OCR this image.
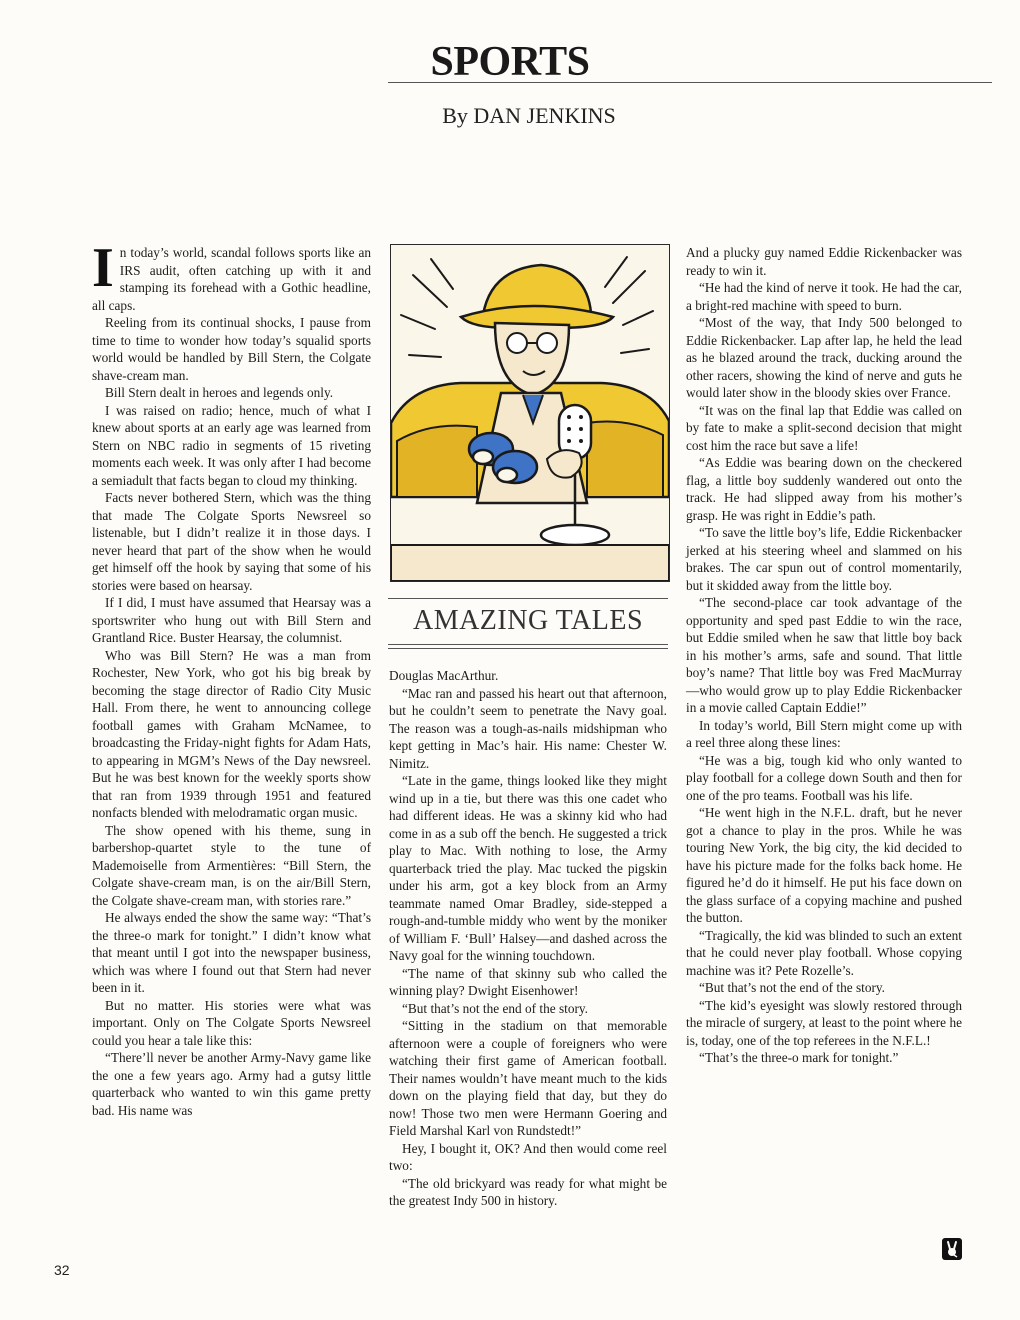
SPORTS
By DAN JENKINS

In today’s world, scandal follows sports like an IRS audit, often catching up with it and stamping its forehead with a Gothic headline, all caps.

Reeling from its continual shocks, I pause from time to time to wonder how today’s squalid sports world would be handled by Bill Stern, the Colgate shave-cream man.

Bill Stern dealt in heroes and legends only.

I was raised on radio; hence, much of what I knew about sports at an early age was learned from Stern on NBC radio in segments of 15 riveting moments each week. It was only after I had become a semiadult that facts began to cloud my thinking.

Facts never bothered Stern, which was the thing that made The Colgate Sports Newsreel so listenable, but I didn’t realize it in those days. I never heard that part of the show when he would get himself off the hook by saying that some of his stories were based on hearsay.

If I did, I must have assumed that Hearsay was a sportswriter who hung out with Bill Stern and Grantland Rice. Buster Hearsay, the columnist.

Who was Bill Stern? He was a man from Rochester, New York, who got his big break by becoming the stage director of Radio City Music Hall. From there, he went to announcing college football games with Graham McNamee, to broadcasting the Friday-night fights for Adam Hats, to appearing in MGM’s News of the Day newsreel. But he was best known for the weekly sports show that ran from 1939 through 1951 and featured nonfacts blended with melodramatic organ music.

The show opened with his theme, sung in barbershop-quartet style to the tune of Mademoiselle from Armentières: “Bill Stern, the Colgate shave-cream man, is on the air/Bill Stern, the Colgate shave-cream man, with stories rare.”

He always ended the show the same way: “That’s the three-o mark for tonight.” I didn’t know what that meant until I got into the newspaper business, which was where I found out that Stern had never been in it.

But no matter. His stories were what was important. Only on The Colgate Sports Newsreel could you hear a tale like this:

“There’ll never be another Army-Navy game like the one a few years ago. Army had a gutsy little quarterback who wanted to win this game pretty bad. His name was

AMAZING TALES

Douglas MacArthur.

“Mac ran and passed his heart out that afternoon, but he couldn’t seem to penetrate the Navy goal. The reason was a tough-as-nails midshipman who kept getting in Mac’s hair. His name: Chester W. Nimitz.

“Late in the game, things looked like they might wind up in a tie, but there was this one cadet who had different ideas. He was a skinny kid who had come in as a sub off the bench. He suggested a trick play to Mac. With nothing to lose, the Army quarterback tried the play. Mac tucked the pigskin under his arm, got a key block from an Army teammate named Omar Bradley, side-stepped a rough-and-tumble middy who went by the moniker of William F. ‘Bull’ Halsey—and dashed across the Navy goal for the winning touchdown.

“The name of that skinny sub who called the winning play? Dwight Eisenhower!

“But that’s not the end of the story.

“Sitting in the stadium on that memorable afternoon were a couple of foreigners who were watching their first game of American football. Their names wouldn’t have meant much to the kids down on the playing field that day, but they do now! Those two men were Hermann Goering and Field Marshal Karl von Rundstedt!”

Hey, I bought it, OK? And then would come reel two:

“The old brickyard was ready for what might be the greatest Indy 500 in history.

And a plucky guy named Eddie Rickenbacker was ready to win it.

“He had the kind of nerve it took. He had the car, a bright-red machine with speed to burn.

“Most of the way, that Indy 500 belonged to Eddie Rickenbacker. Lap after lap, he held the lead as he blazed around the track, ducking around the other racers, showing the kind of nerve and guts he would later show in the bloody skies over France.

“It was on the final lap that Eddie was called on by fate to make a split-second decision that might cost him the race but save a life!

“As Eddie was bearing down on the checkered flag, a little boy suddenly wandered out onto the track. He had slipped away from his mother’s grasp. He was right in Eddie’s path.

“To save the little boy’s life, Eddie Rickenbacker jerked at his steering wheel and slammed on his brakes. The car spun out of control momentarily, but it skidded away from the little boy.

“The second-place car took advantage of the opportunity and sped past Eddie to win the race, but Eddie smiled when he saw that little boy back in his mother’s arms, safe and sound. That little boy’s name? That little boy was Fred MacMurray—who would grow up to play Eddie Rickenbacker in a movie called Captain Eddie!”

In today’s world, Bill Stern might come up with a reel three along these lines:

“He was a big, tough kid who only wanted to play football for a college down South and then for one of the pro teams. Football was his life.

“He went high in the N.F.L. draft, but he never got a chance to play in the pros. While he was touring New York, the big city, the kid decided to have his picture made for the folks back home. He figured he’d do it himself. He put his face down on the glass surface of a copying machine and pushed the button.

“Tragically, the kid was blinded to such an extent that he could never play football. Whose copying machine was it? Pete Rozelle’s.

“But that’s not the end of the story.

“The kid’s eyesight was slowly restored through the miracle of surgery, at least to the point where he is, today, one of the top referees in the N.F.L.!

“That’s the three-o mark for tonight.”

32
